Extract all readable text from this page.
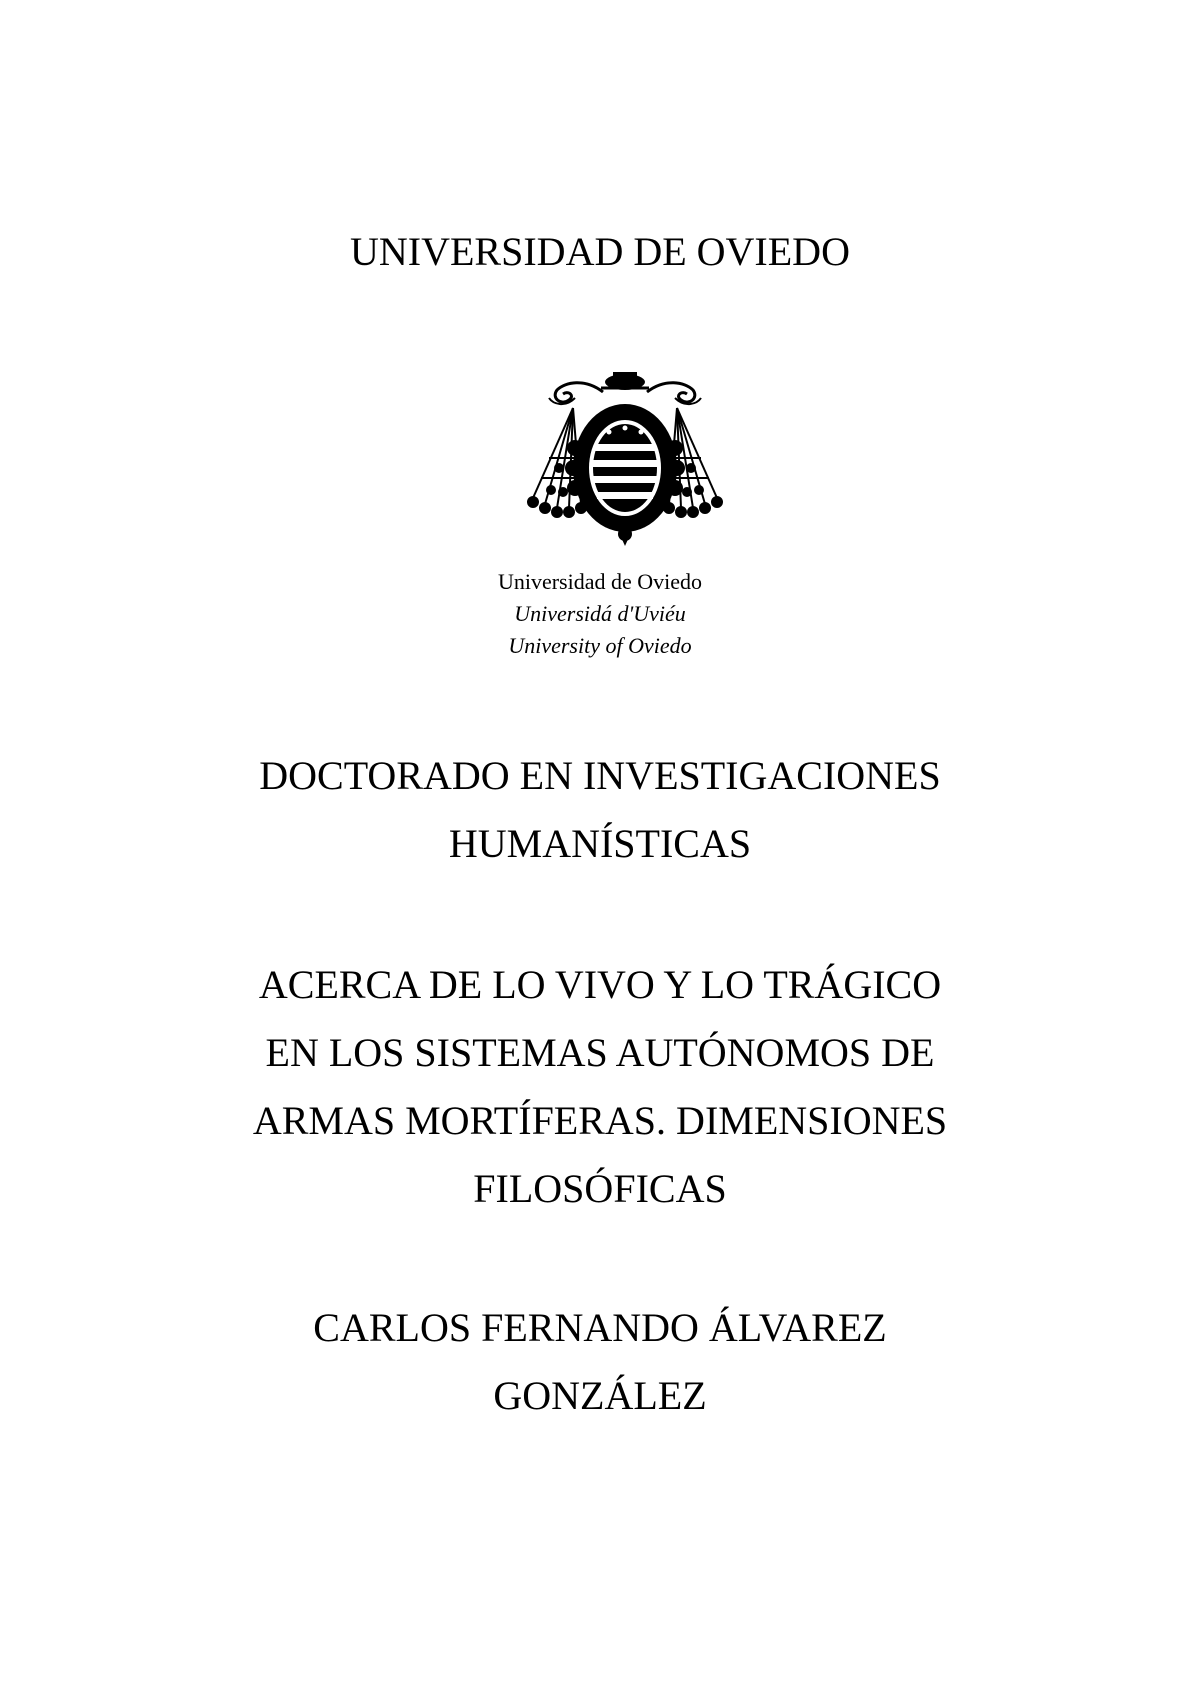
UNIVERSIDAD DE OVIEDO
Universidad de Oviedo
Universidá d'Uviéu
University of Oviedo
DOCTORADO EN INVESTIGACIONES
HUMANÍSTICAS
ACERCA DE LO VIVO Y LO TRÁGICO
EN LOS SISTEMAS AUTÓNOMOS DE
ARMAS MORTÍFERAS. DIMENSIONES
FILOSÓFICAS
CARLOS FERNANDO ÁLVAREZ
GONZÁLEZ
